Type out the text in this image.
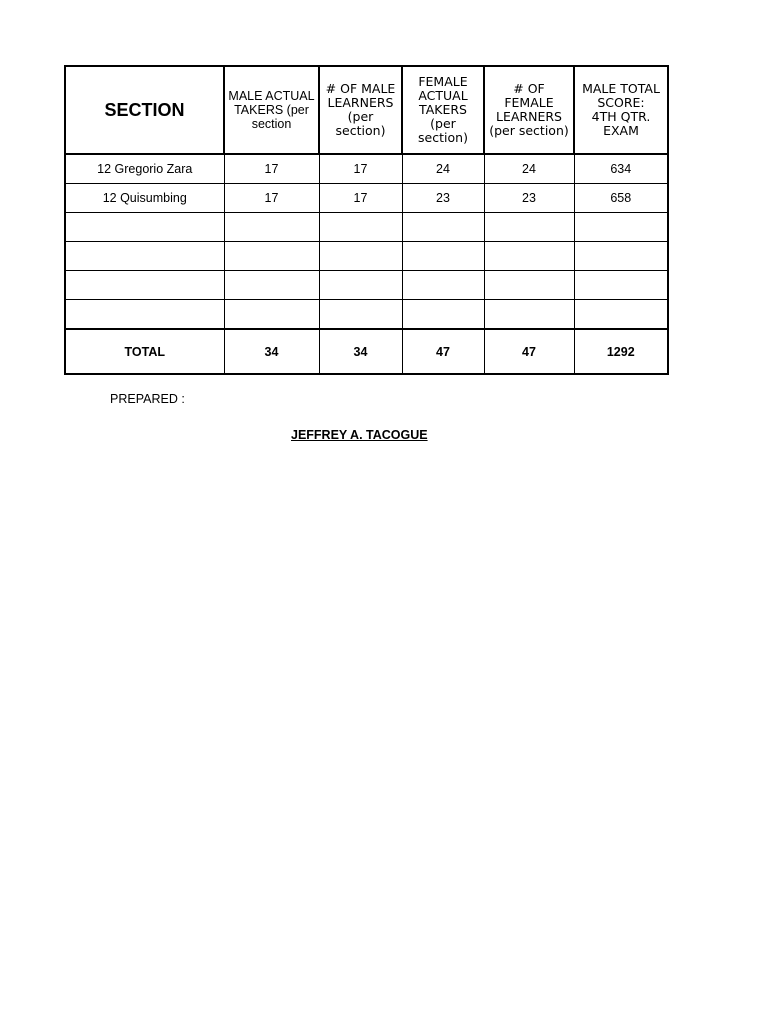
SECTION	MALE ACTUAL
TAKERS (per
section	# OF MALE
LEARNERS
(per
section)	FEMALE
ACTUAL
TAKERS
(per
section)	# OF
FEMALE
LEARNERS
(per section)	MALE TOTAL
SCORE:
4TH QTR.
EXAM

12 Gregorio Zara	17	17	24	24	634
12 Quisumbing	17	17	23	23	658

TOTAL	34	34	47	47	1292
PREPARED :
JEFFREY A. TACOGUE
